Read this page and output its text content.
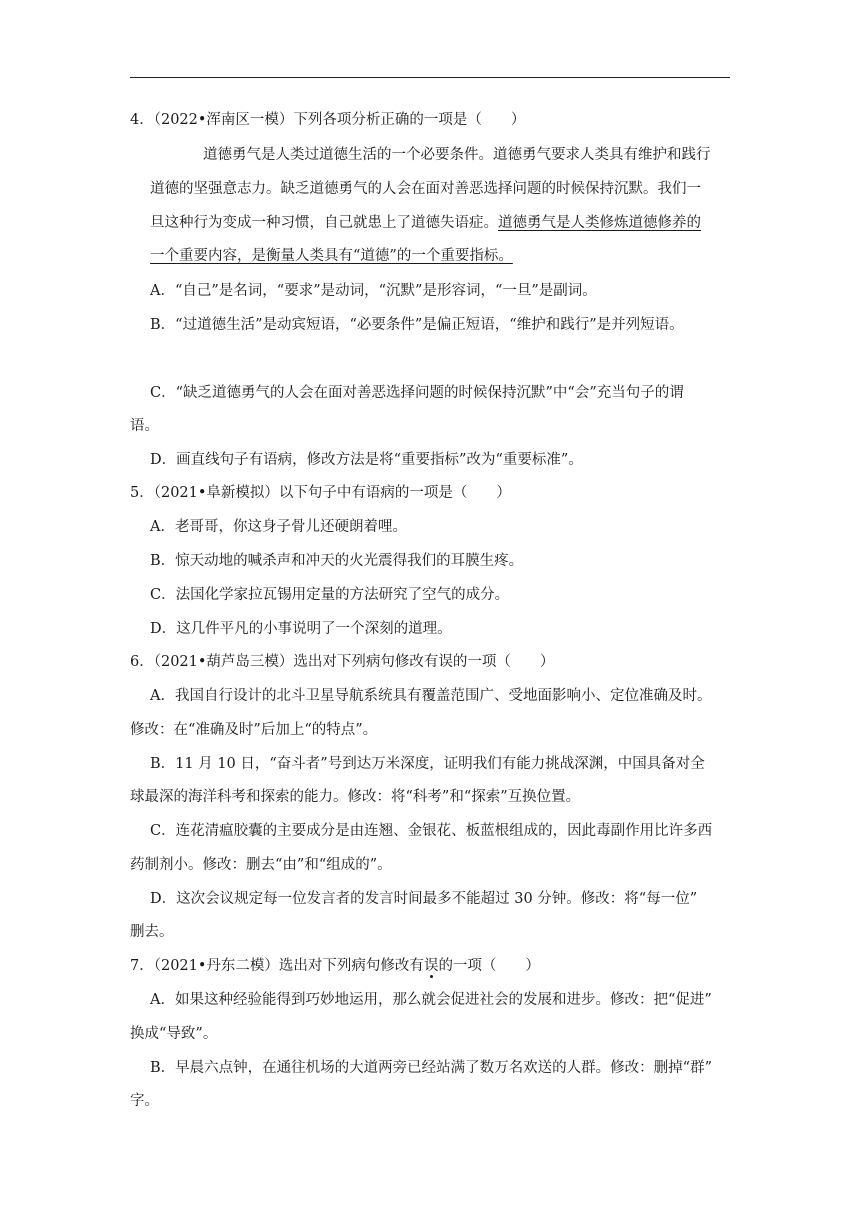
4．（2022•浑南区一模）下列各项分析正确的一项是（　　）
道德勇气是人类过道德生活的一个必要条件。道德勇气要求人类具有维护和践行
道德的坚强意志力。缺乏道德勇气的人会在面对善恶选择问题的时候保持沉默。我们一
旦这种行为变成一种习惯，自己就患上了道德失语症。道德勇气是人类修炼道德修养的
一个重要内容，是衡量人类具有“道德”的一个重要指标。
A．“自己”是名词，“要求”是动词，“沉默”是形容词，“一旦”是副词。
B．“过道德生活”是动宾短语，“必要条件”是偏正短语，“维护和践行”是并列短语。
C．“缺乏道德勇气的人会在面对善恶选择问题的时候保持沉默”中“会”充当句子的谓
语。
D．画直线句子有语病，修改方法是将“重要指标”改为“重要标准”。
5．（2021•阜新模拟）以下句子中有语病的一项是（　　）
A．老哥哥，你这身子骨儿还硬朗着哩。
B．惊天动地的喊杀声和冲天的火光震得我们的耳膜生疼。
C．法国化学家拉瓦锡用定量的方法研究了空气的成分。
D．这几件平凡的小事说明了一个深刻的道理。
6．（2021•葫芦岛三模）选出对下列病句修改有误的一项（　　）
A．我国自行设计的北斗卫星导航系统具有覆盖范围广、受地面影响小、定位准确及时。
修改：在“准确及时”后加上“的特点”。
B．11 月 10 日，“奋斗者”号到达万米深度，证明我们有能力挑战深渊，中国具备对全
球最深的海洋科考和探索的能力。修改：将“科考”和“探索”互换位置。
C．连花清瘟胶囊的主要成分是由连翘、金银花、板蓝根组成的，因此毒副作用比许多西
药制剂小。修改：删去“由”和“组成的”。
D．这次会议规定每一位发言者的发言时间最多不能超过 30 分钟。修改：将“每一位”
删去。
7．（2021•丹东二模）选出对下列病句修改有误的一项（　　）
A．如果这种经验能得到巧妙地运用，那么就会促进社会的发展和进步。修改：把“促进”
换成“导致”。
B．早晨六点钟，在通往机场的大道两旁已经站满了数万名欢送的人群。修改：删掉“群”
字。
